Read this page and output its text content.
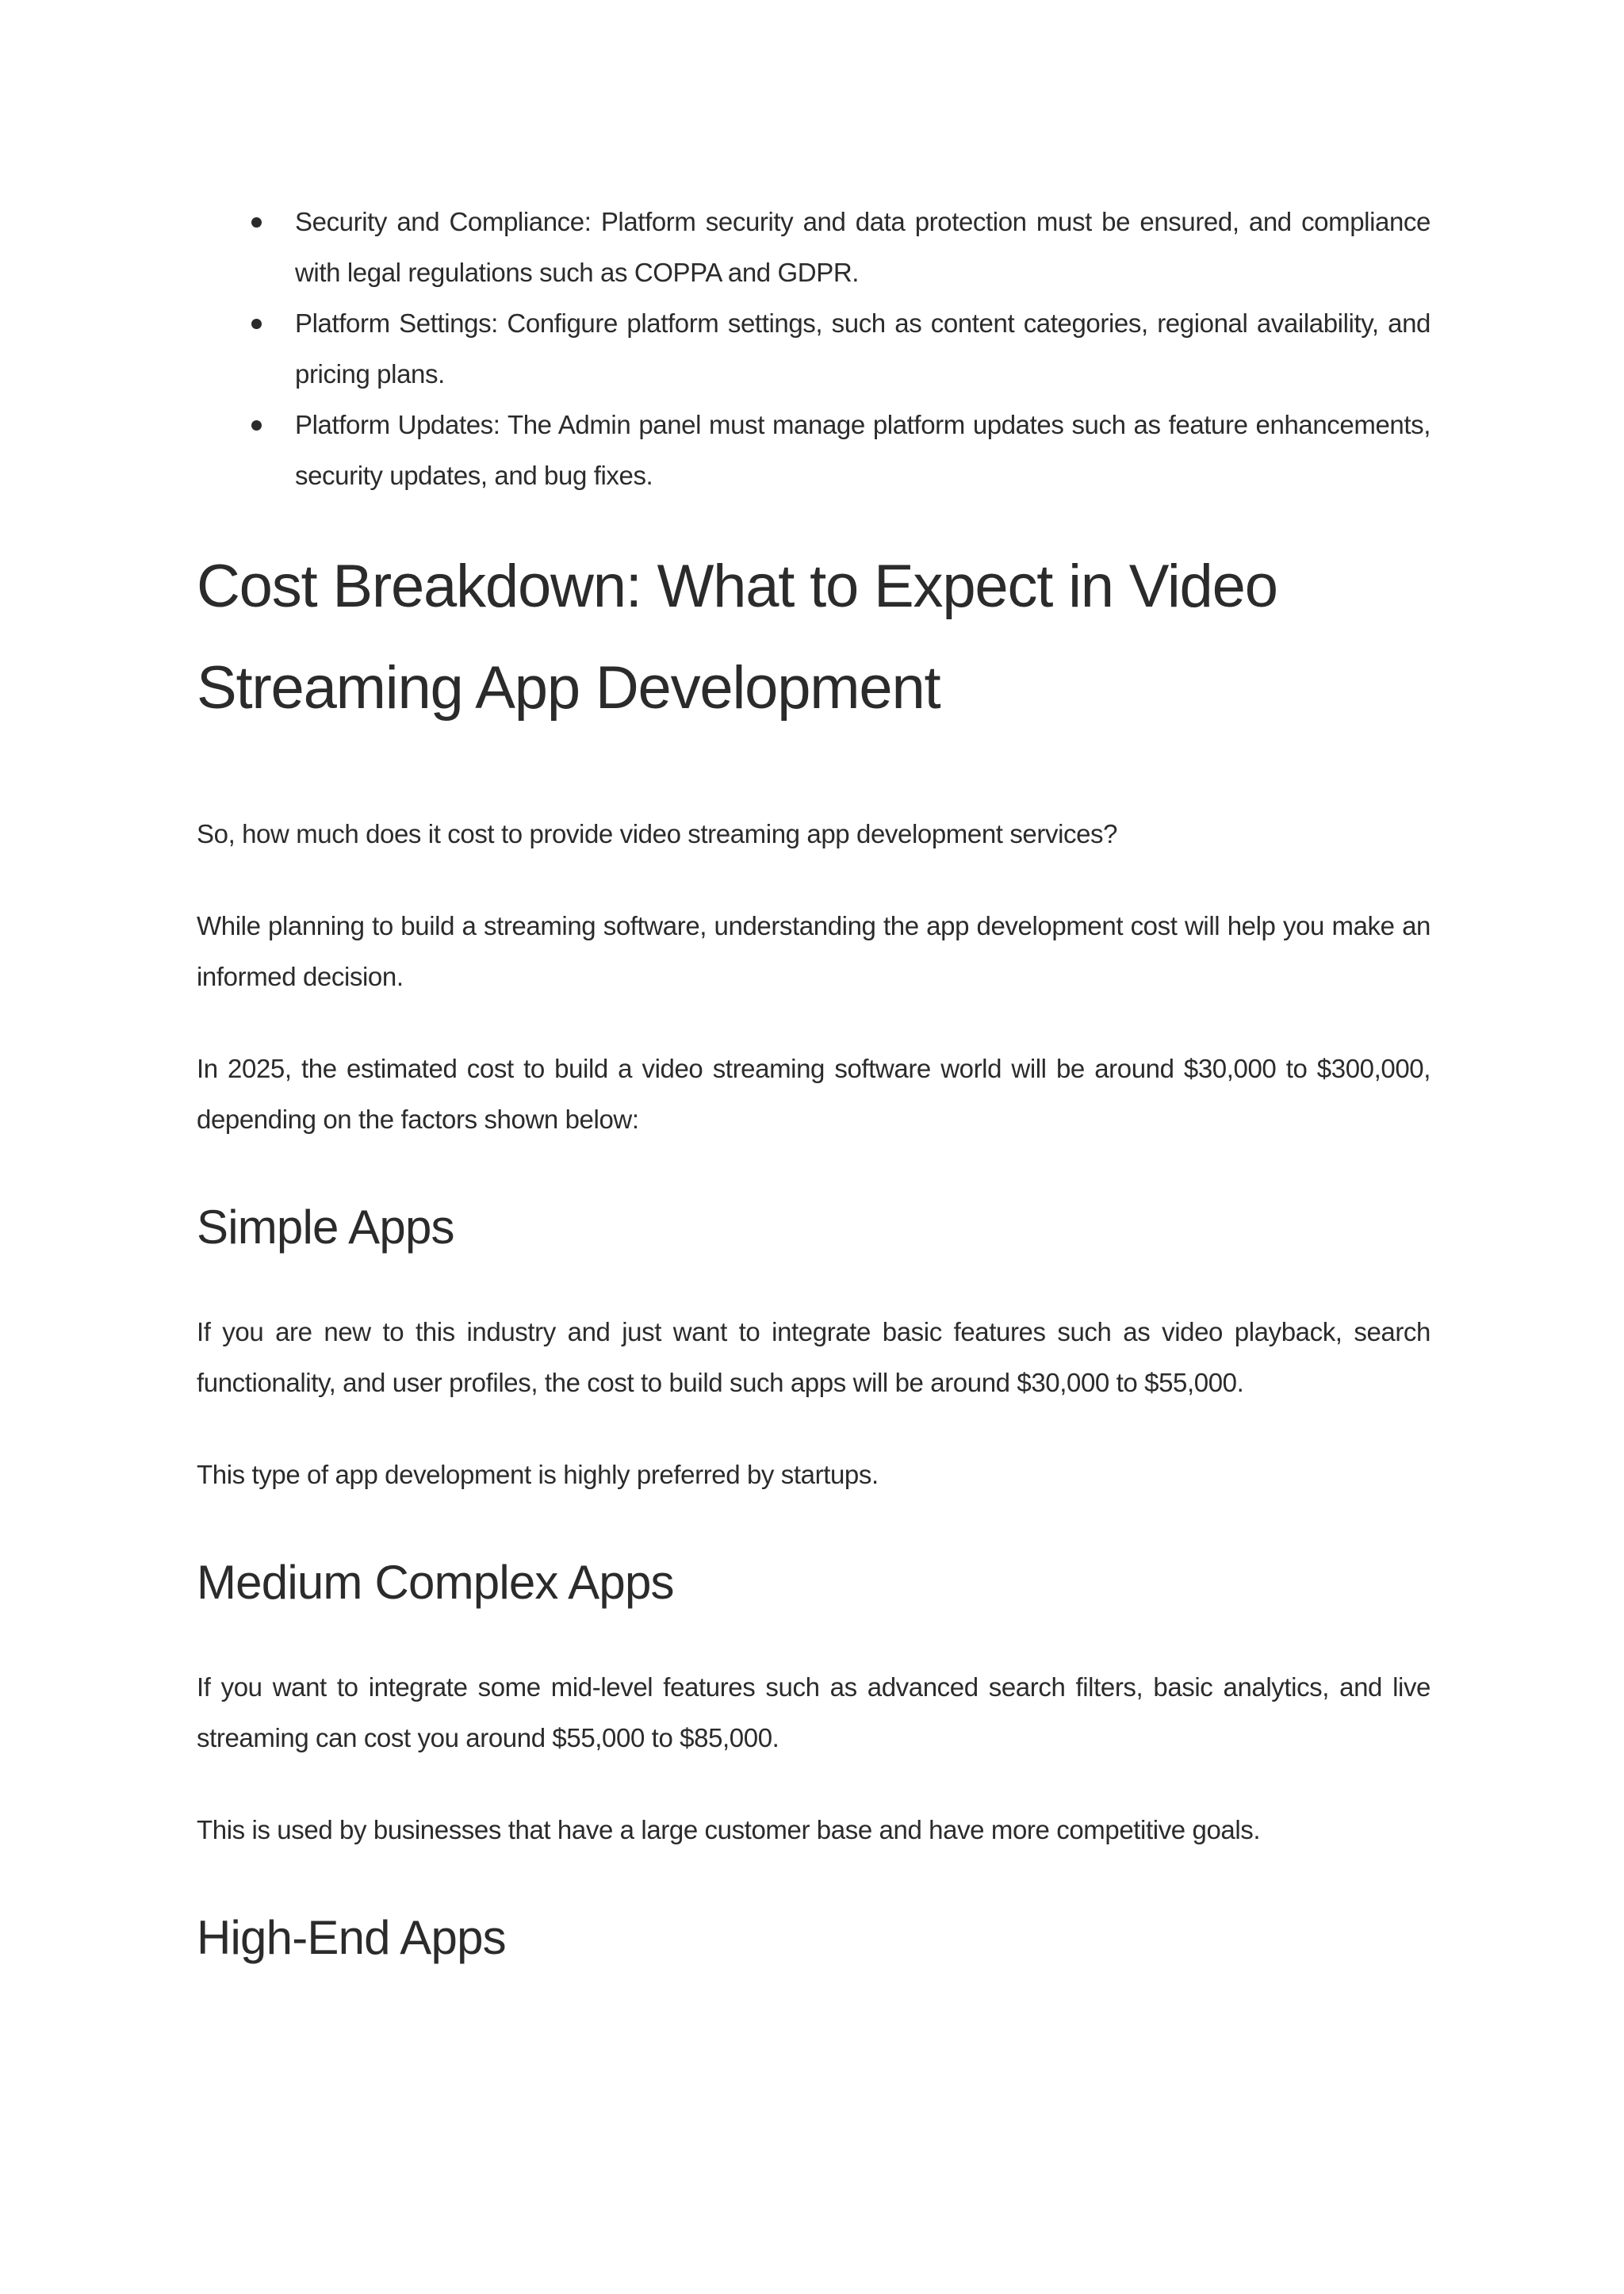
Security and Compliance: Platform security and data protection must be ensured, and compliance with legal regulations such as COPPA and GDPR.
Platform Settings: Configure platform settings, such as content categories, regional availability, and pricing plans.
Platform Updates: The Admin panel must manage platform updates such as feature enhancements, security updates, and bug fixes.
Cost Breakdown: What to Expect in Video Streaming App Development

So, how much does it cost to provide video streaming app development services?

While planning to build a streaming software, understanding the app development cost will help you make an informed decision.

In 2025, the estimated cost to build a video streaming software world will be around $30,000 to $300,000, depending on the factors shown below:

Simple Apps

If you are new to this industry and just want to integrate basic features such as video playback, search functionality, and user profiles, the cost to build such apps will be around $30,000 to $55,000.

This type of app development is highly preferred by startups.

Medium Complex Apps

If you want to integrate some mid-level features such as advanced search filters, basic analytics, and live streaming can cost you around $55,000 to $85,000.

This is used by businesses that have a large customer base and have more competitive goals.

High-End Apps
